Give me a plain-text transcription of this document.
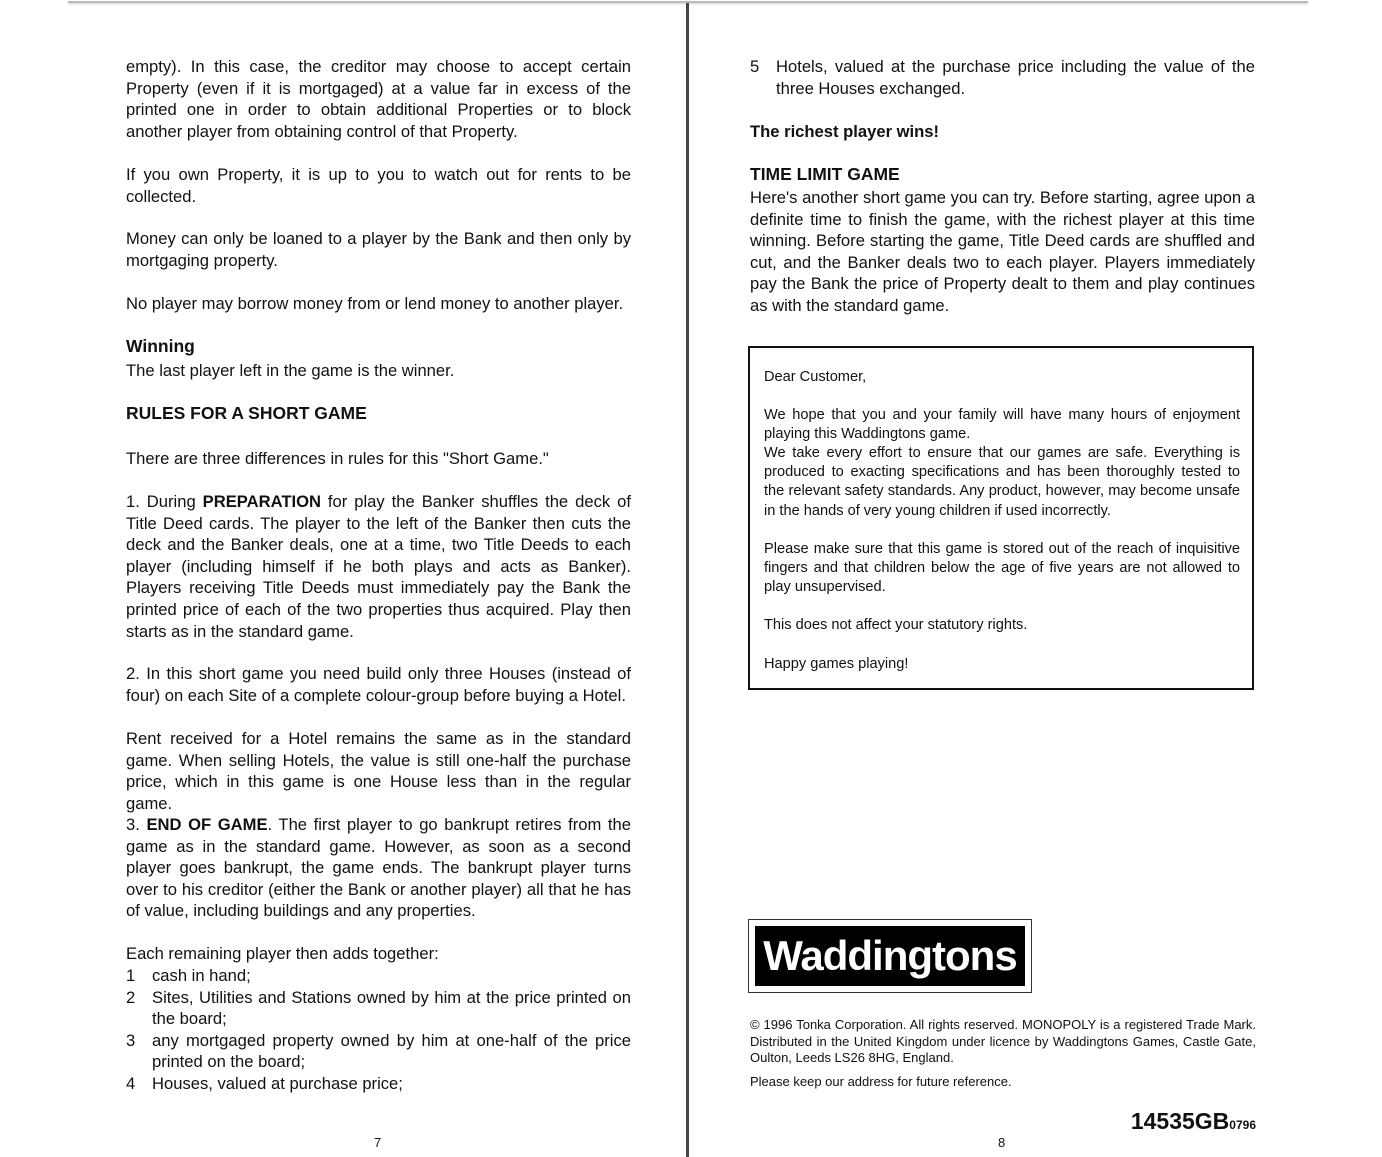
empty). In this case, the creditor may choose to accept certain Property (even if it is mortgaged) at a value far in excess of the printed one in order to obtain additional Properties or to block another player from obtaining control of that Property.

If you own Property, it is up to you to watch out for rents to be collected.

Money can only be loaned to a player by the Bank and then only by mortgaging property.

No player may borrow money from or lend money to another player.

Winning

The last player left in the game is the winner.

RULES FOR A SHORT GAME

There are three differences in rules for this "Short Game."

1. During PREPARATION for play the Banker shuffles the deck of Title Deed cards. The player to the left of the Banker then cuts the deck and the Banker deals, one at a time, two Title Deeds to each player (including himself if he both plays and acts as Banker). Players receiving Title Deeds must immediately pay the Bank the printed price of each of the two properties thus acquired. Play then starts as in the standard game.

2. In this short game you need build only three Houses (instead of four) on each Site of a complete colour-group before buying a Hotel.

Rent received for a Hotel remains the same as in the standard game. When selling Hotels, the value is still one-half the purchase price, which in this game is one House less than in the regular game.

3. END OF GAME. The first player to go bankrupt retires from the game as in the standard game. However, as soon as a second player goes bankrupt, the game ends. The bankrupt player turns over to his creditor (either the Bank or another player) all that he has of value, including buildings and any properties.

Each remaining player then adds together:

1	cash in hand;
2	Sites, Utilities and Stations owned by him at the price printed on the board;
3	any mortgaged property owned by him at one-half of the price printed on the board;
4	Houses, valued at purchase price;
7
5	Hotels, valued at the purchase price including the value of the three Houses exchanged.

The richest player wins!

TIME LIMIT GAME

Here's another short game you can try. Before starting, agree upon a definite time to finish the game, with the richest player at this time winning. Before starting the game, Title Deed cards are shuffled and cut, and the Banker deals two to each player. Players immediately pay the Bank the price of Property dealt to them and play continues as with the standard game.

Dear Customer,

We hope that you and your family will have many hours of enjoyment playing this Waddingtons game.

We take every effort to ensure that our games are safe. Everything is produced to exacting specifications and has been thoroughly tested to the relevant safety standards. Any product, however, may become unsafe in the hands of very young children if used incorrectly.

Please make sure that this game is stored out of the reach of inquisitive fingers and that children below the age of five years are not allowed to play unsupervised.

This does not affect your statutory rights.

Happy games playing!

Waddingtons

© 1996 Tonka Corporation. All rights reserved. MONOPOLY is a registered Trade Mark. Distributed in the United Kingdom under licence by Waddingtons Games, Castle Gate, Oulton, Leeds LS26 8HG, England.

Please keep our address for future reference.

14535GB0796
8
